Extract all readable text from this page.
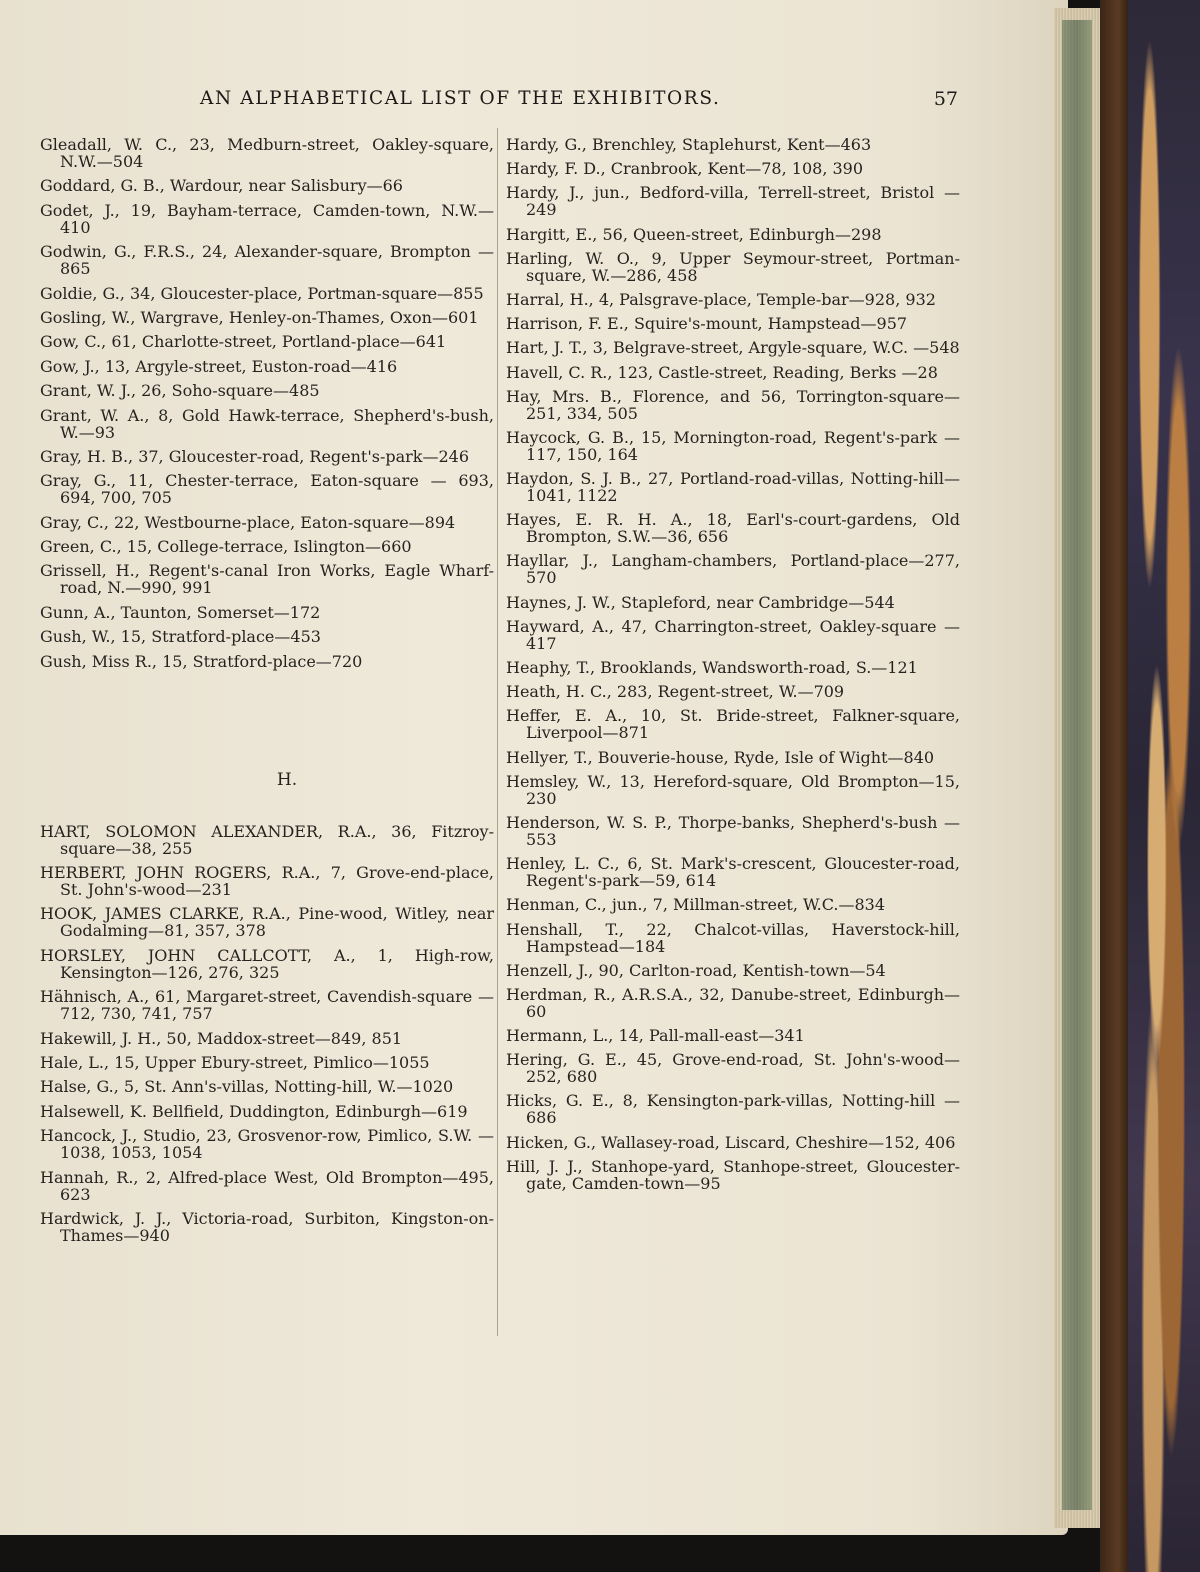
AN ALPHABETICAL LIST OF THE EXHIBITORS.	57
Gleadall, W. C., 23, Medburn-street, Oakley-square, N.W.—504
Goddard, G. B., Wardour, near Salisbury—66
Godet, J., 19, Bayham-terrace, Camden-town, N.W.—410
Godwin, G., F.R.S., 24, Alexander-square, Brompton —865
Goldie, G., 34, Gloucester-place, Portman-square—855
Gosling, W., Wargrave, Henley-on-Thames, Oxon—601
Gow, C., 61, Charlotte-street, Portland-place—641
Gow, J., 13, Argyle-street, Euston-road—416
Grant, W. J., 26, Soho-square—485
Grant, W. A., 8, Gold Hawk-terrace, Shepherd's-bush, W.—93
Gray, H. B., 37, Gloucester-road, Regent's-park—246
Gray, G., 11, Chester-terrace, Eaton-square — 693, 694, 700, 705
Gray, C., 22, Westbourne-place, Eaton-square—894
Green, C., 15, College-terrace, Islington—660
Grissell, H., Regent's-canal Iron Works, Eagle Wharf-road, N.—990, 991
Gunn, A., Taunton, Somerset—172
Gush, W., 15, Stratford-place—453
Gush, Miss R., 15, Stratford-place—720
H.
HART, SOLOMON ALEXANDER, R.A., 36, Fitzroy-square—38, 255
HERBERT, JOHN ROGERS, R.A., 7, Grove-end-place, St. John's-wood—231
HOOK, JAMES CLARKE, R.A., Pine-wood, Witley, near Godalming—81, 357, 378
HORSLEY, JOHN CALLCOTT, A., 1, High-row, Kensington—126, 276, 325
Hähnisch, A., 61, Margaret-street, Cavendish-square —712, 730, 741, 757
Hakewill, J. H., 50, Maddox-street—849, 851
Hale, L., 15, Upper Ebury-street, Pimlico—1055
Halse, G., 5, St. Ann's-villas, Notting-hill, W.—1020
Halsewell, K. Bellfield, Duddington, Edinburgh—619
Hancock, J., Studio, 23, Grosvenor-row, Pimlico, S.W. —1038, 1053, 1054
Hannah, R., 2, Alfred-place West, Old Brompton—495, 623
Hardwick, J. J., Victoria-road, Surbiton, Kingston-on-Thames—940
Hardy, G., Brenchley, Staplehurst, Kent—463
Hardy, F. D., Cranbrook, Kent—78, 108, 390
Hardy, J., jun., Bedford-villa, Terrell-street, Bristol —249
Hargitt, E., 56, Queen-street, Edinburgh—298
Harling, W. O., 9, Upper Seymour-street, Portman-square, W.—286, 458
Harral, H., 4, Palsgrave-place, Temple-bar—928, 932
Harrison, F. E., Squire's-mount, Hampstead—957
Hart, J. T., 3, Belgrave-street, Argyle-square, W.C. —548
Havell, C. R., 123, Castle-street, Reading, Berks —28
Hay, Mrs. B., Florence, and 56, Torrington-square—251, 334, 505
Haycock, G. B., 15, Mornington-road, Regent's-park —117, 150, 164
Haydon, S. J. B., 27, Portland-road-villas, Notting-hill—1041, 1122
Hayes, E. R. H. A., 18, Earl's-court-gardens, Old Brompton, S.W.—36, 656
Hayllar, J., Langham-chambers, Portland-place—277, 570
Haynes, J. W., Stapleford, near Cambridge—544
Hayward, A., 47, Charrington-street, Oakley-square —417
Heaphy, T., Brooklands, Wandsworth-road, S.—121
Heath, H. C., 283, Regent-street, W.—709
Heffer, E. A., 10, St. Bride-street, Falkner-square, Liverpool—871
Hellyer, T., Bouverie-house, Ryde, Isle of Wight—840
Hemsley, W., 13, Hereford-square, Old Brompton—15, 230
Henderson, W. S. P., Thorpe-banks, Shepherd's-bush —553
Henley, L. C., 6, St. Mark's-crescent, Gloucester-road, Regent's-park—59, 614
Henman, C., jun., 7, Millman-street, W.C.—834
Henshall, T., 22, Chalcot-villas, Haverstock-hill, Hampstead—184
Henzell, J., 90, Carlton-road, Kentish-town—54
Herdman, R., A.R.S.A., 32, Danube-street, Edinburgh—60
Hermann, L., 14, Pall-mall-east—341
Hering, G. E., 45, Grove-end-road, St. John's-wood—252, 680
Hicks, G. E., 8, Kensington-park-villas, Notting-hill —686
Hicken, G., Wallasey-road, Liscard, Cheshire—152, 406
Hill, J. J., Stanhope-yard, Stanhope-street, Gloucester-gate, Camden-town—95
